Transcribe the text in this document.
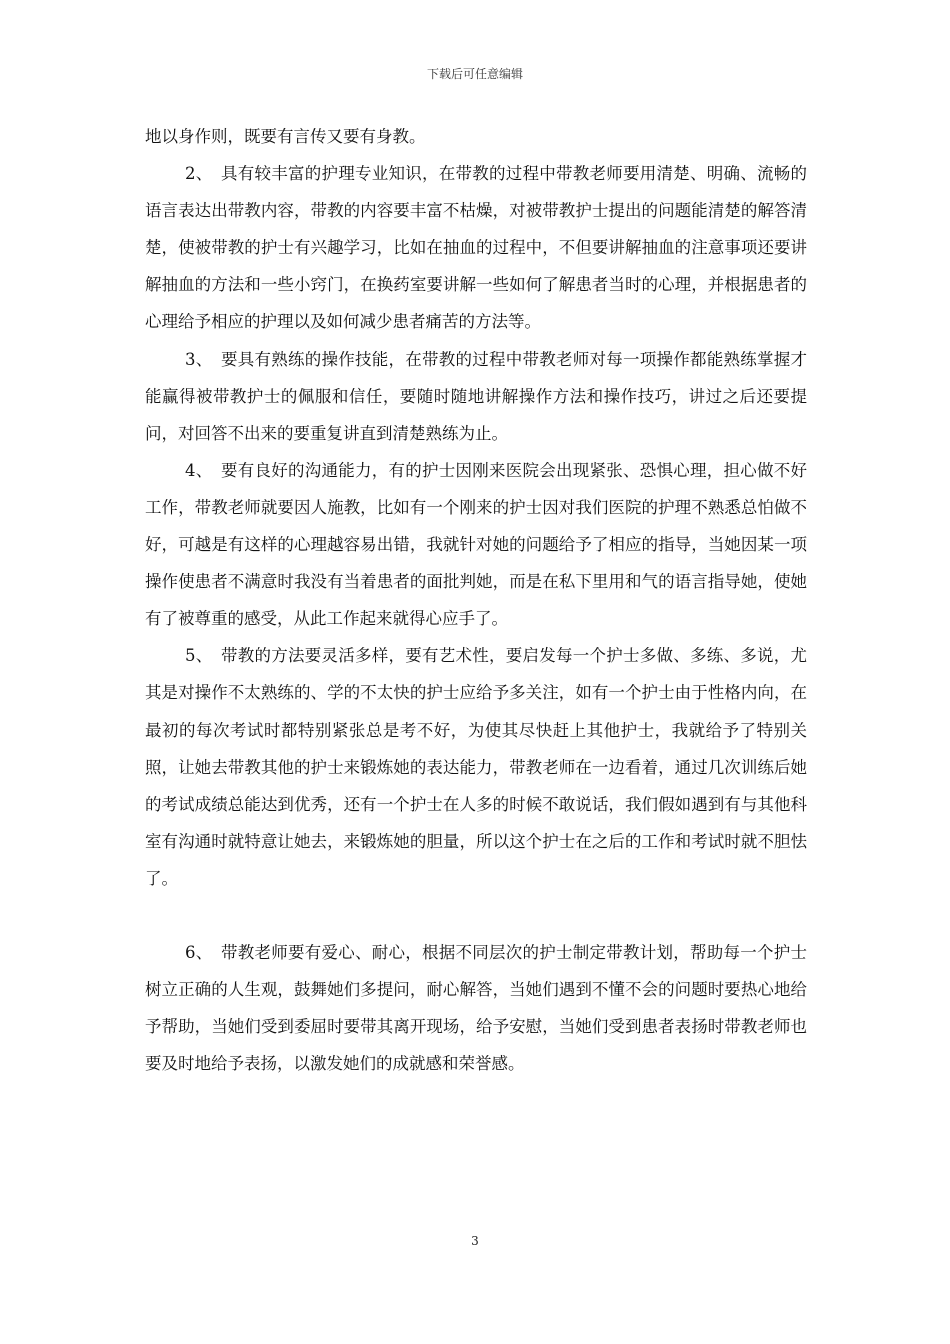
下载后可任意编辑

地以身作则，既要有言传又要有身教。

2、　具有较丰富的护理专业知识，在带教的过程中带教老师要用清楚、明确、流畅的语言表达出带教内容，带教的内容要丰富不枯燥，对被带教护士提出的问题能清楚的解答清楚，使被带教的护士有兴趣学习，比如在抽血的过程中，不但要讲解抽血的注意事项还要讲解抽血的方法和一些小窍门，在换药室要讲解一些如何了解患者当时的心理，并根据患者的心理给予相应的护理以及如何减少患者痛苦的方法等。

3、　要具有熟练的操作技能，在带教的过程中带教老师对每一项操作都能熟练掌握才能赢得被带教护士的佩服和信任，要随时随地讲解操作方法和操作技巧，讲过之后还要提问，对回答不出来的要重复讲直到清楚熟练为止。

4、　要有良好的沟通能力，有的护士因刚来医院会出现紧张、恐惧心理，担心做不好工作，带教老师就要因人施教，比如有一个刚来的护士因对我们医院的护理不熟悉总怕做不好，可越是有这样的心理越容易出错，我就针对她的问题给予了相应的指导，当她因某一项操作使患者不满意时我没有当着患者的面批判她，而是在私下里用和气的语言指导她，使她有了被尊重的感受，从此工作起来就得心应手了。

5、　带教的方法要灵活多样，要有艺术性，要启发每一个护士多做、多练、多说，尤其是对操作不太熟练的、学的不太快的护士应给予多关注，如有一个护士由于性格内向，在最初的每次考试时都特别紧张总是考不好，为使其尽快赶上其他护士，我就给予了特别关照，让她去带教其他的护士来锻炼她的表达能力，带教老师在一边看着，通过几次训练后她的考试成绩总能达到优秀，还有一个护士在人多的时候不敢说话，我们假如遇到有与其他科室有沟通时就特意让她去，来锻炼她的胆量，所以这个护士在之后的工作和考试时就不胆怯了。

6、　带教老师要有爱心、耐心，根据不同层次的护士制定带教计划，帮助每一个护士树立正确的人生观，鼓舞她们多提问，耐心解答，当她们遇到不懂不会的问题时要热心地给予帮助，当她们受到委屈时要带其离开现场，给予安慰，当她们受到患者表扬时带教老师也要及时地给予表扬，以激发她们的成就感和荣誉感。

3
